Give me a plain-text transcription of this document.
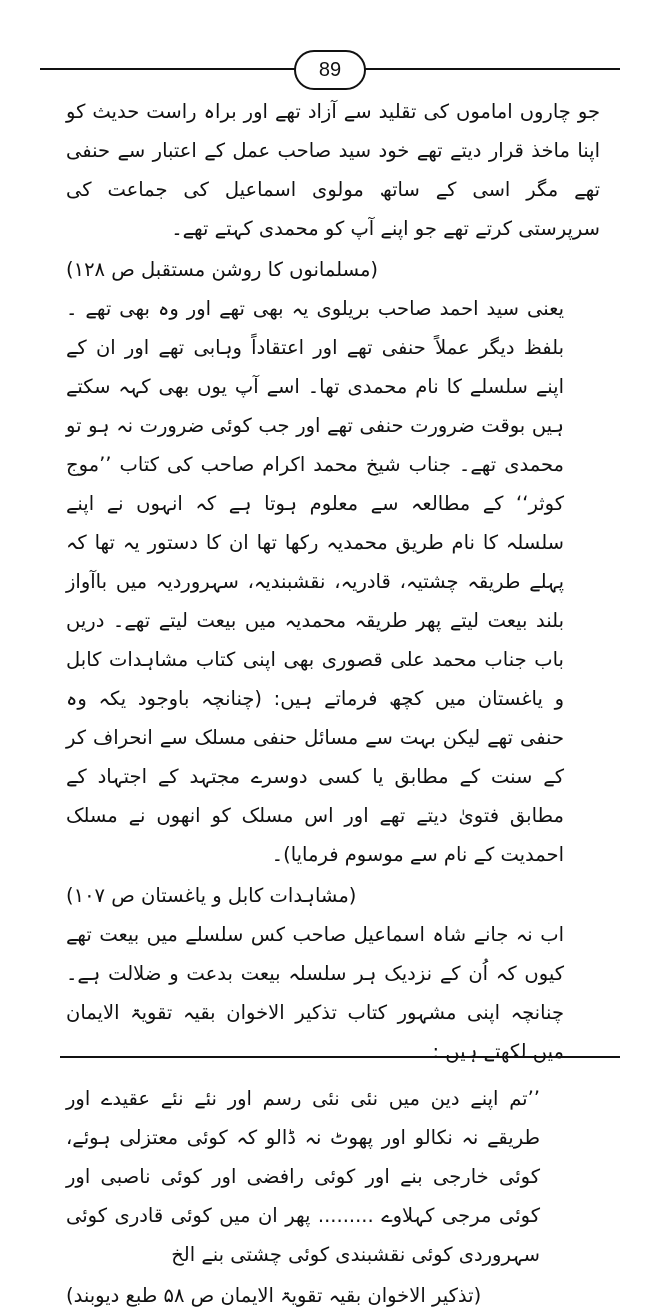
89

جو چاروں اماموں کی تقلید سے آزاد تھے اور براہ راست حدیث کو اپنا ماخذ قرار دیتے تھے خود سید صاحب عمل کے اعتبار سے حنفی تھے مگر اسی کے ساتھ مولوی اسماعیل کی جماعت کی سرپرستی کرتے تھے جو اپنے آپ کو محمدی کہتے تھے۔

(مسلمانوں کا روشن مستقبل ص ۱۲۸)

یعنی سید احمد صاحب بریلوی یہ بھی تھے اور وہ بھی تھے ۔ بلفظ دیگر عملاً حنفی تھے اور اعتقاداً وہابی تھے اور ان کے اپنے سلسلے کا نام محمدی تھا۔ اسے آپ یوں بھی کہہ سکتے ہیں بوقت ضرورت حنفی تھے اور جب کوئی ضرورت نہ ہو تو محمدی تھے۔ جناب شیخ محمد اکرام صاحب کی کتاب ’’موج کوثر‘‘ کے مطالعہ سے معلوم ہوتا ہے کہ انہوں نے اپنے سلسلہ کا نام طریق محمدیہ رکھا تھا ان کا دستور یہ تھا کہ پہلے طریقہ چشتیہ، قادریہ، نقشبندیہ، سہروردیہ میں باآواز بلند بیعت لیتے پھر طریقہ محمدیہ میں بیعت لیتے تھے۔ دریں باب جناب محمد علی قصوری بھی اپنی کتاب مشاہدات کابل و یاغستان میں کچھ فرماتے ہیں: (چنانچہ باوجود یکہ وہ حنفی تھے لیکن بہت سے مسائل حنفی مسلک سے انحراف کر کے سنت کے مطابق یا کسی دوسرے مجتہد کے اجتہاد کے مطابق فتویٰ دیتے تھے اور اس مسلک کو انھوں نے مسلک احمدیت کے نام سے موسوم فرمایا)۔

(مشاہدات کابل و یاغستان ص ۱۰۷)

اب نہ جانے شاہ اسماعیل صاحب کس سلسلے میں بیعت تھے کیوں کہ اُن کے نزدیک ہر سلسلہ بیعت بدعت و ضلالت ہے۔ چنانچہ اپنی مشہور کتاب تذکیر الاخوان بقیہ تقویۃ الایمان میں لکھتے ہیں :

’’تم اپنے دین میں نئی نئی رسم اور نئے نئے عقیدے اور طریقے نہ نکالو اور پھوٹ نہ ڈالو کہ کوئی معتزلی ہوئے، کوئی خارجی بنے اور کوئی رافضی اور کوئی ناصبی اور کوئی مرجی کہلاوے ......... پھر ان میں کوئی قادری کوئی سہروردی کوئی نقشبندی کوئی چشتی بنے الخ

(تذکیر الاخوان بقیہ تقویۃ الایمان ص ۵۸ طبع دیوبند)
